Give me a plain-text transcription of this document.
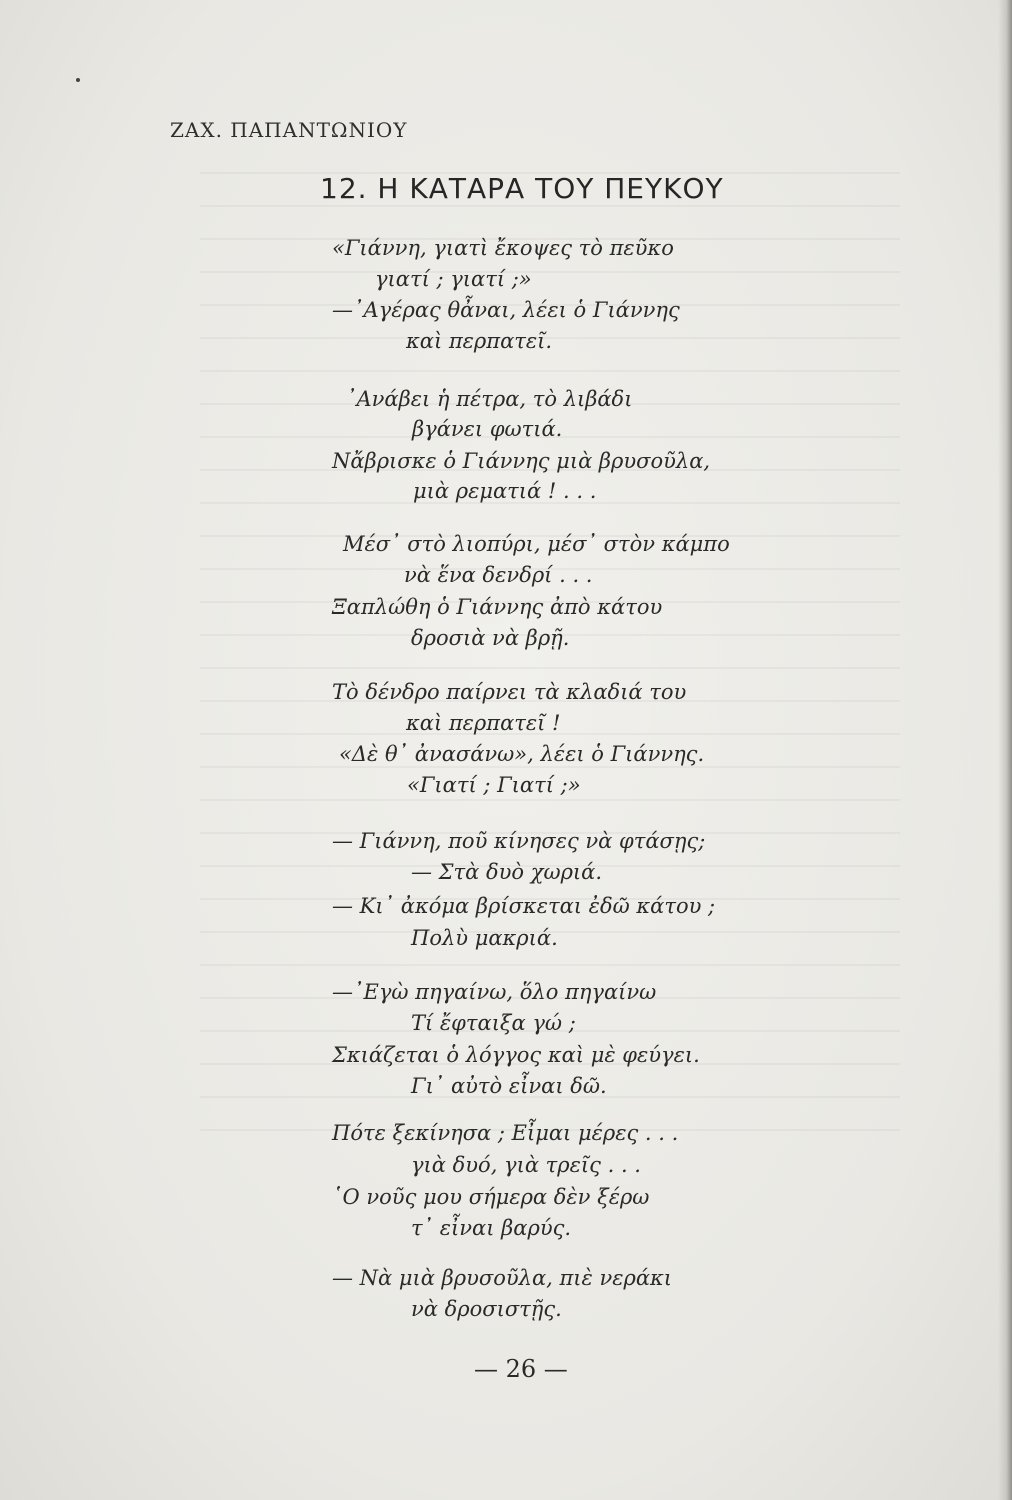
ΖΑΧ. ΠΑΠΑΝΤΩΝΙΟΥ
12. Η ΚΑΤΑΡΑ ΤΟΥ ΠΕΥΚΟΥ
«Γιάννη, γιατὶ ἔκοψες τὸ πεῦκο
γιατί ; γιατί ;»
—᾿Αγέρας θἆναι, λέει ὁ Γιάννης
καὶ περπατεῖ.
᾿Ανάβει ἡ πέτρα, τὸ λιβάδι
βγάνει φωτιά.
Νἄβρισκε ὁ Γιάννης μιὰ βρυσοῦλα,
μιὰ ρεματιά ! . . .
Μέσ᾿ στὸ λιοπύρι, μέσ᾿ στὸν κάμπο
νὰ ἕνα δενδρί . . .
Ξαπλώθη ὁ Γιάννης ἀπὸ κάτου
δροσιὰ νὰ βρῇ.
Τὸ δένδρο παίρνει τὰ κλαδιά του
καὶ περπατεῖ !
«Δὲ θ᾿ ἀνασάνω», λέει ὁ Γιάννης.
«Γιατί ; Γιατί ;»
— Γιάννη, ποῦ κίνησες νὰ φτάσῃς;
— Στὰ δυὸ χωριά.
— Κι᾿ ἀκόμα βρίσκεται ἐδῶ κάτου ;
Πολὺ μακριά.
—᾿Εγὼ πηγαίνω, ὅλο πηγαίνω
Τί ἔφταιξα γώ ;
Σκιάζεται ὁ λόγγος καὶ μὲ φεύγει.
Γι᾿ αὐτὸ εἶναι δῶ.
Πότε ξεκίνησα ; Εἶμαι μέρες . . .
γιὰ δυό, γιὰ τρεῖς . . .
῾Ο νοῦς μου σήμερα δὲν ξέρω
τ᾿ εἶναι βαρύς.
— Νὰ μιὰ βρυσοῦλα, πιὲ νεράκι
νὰ δροσιστῇς.
— 26 —
